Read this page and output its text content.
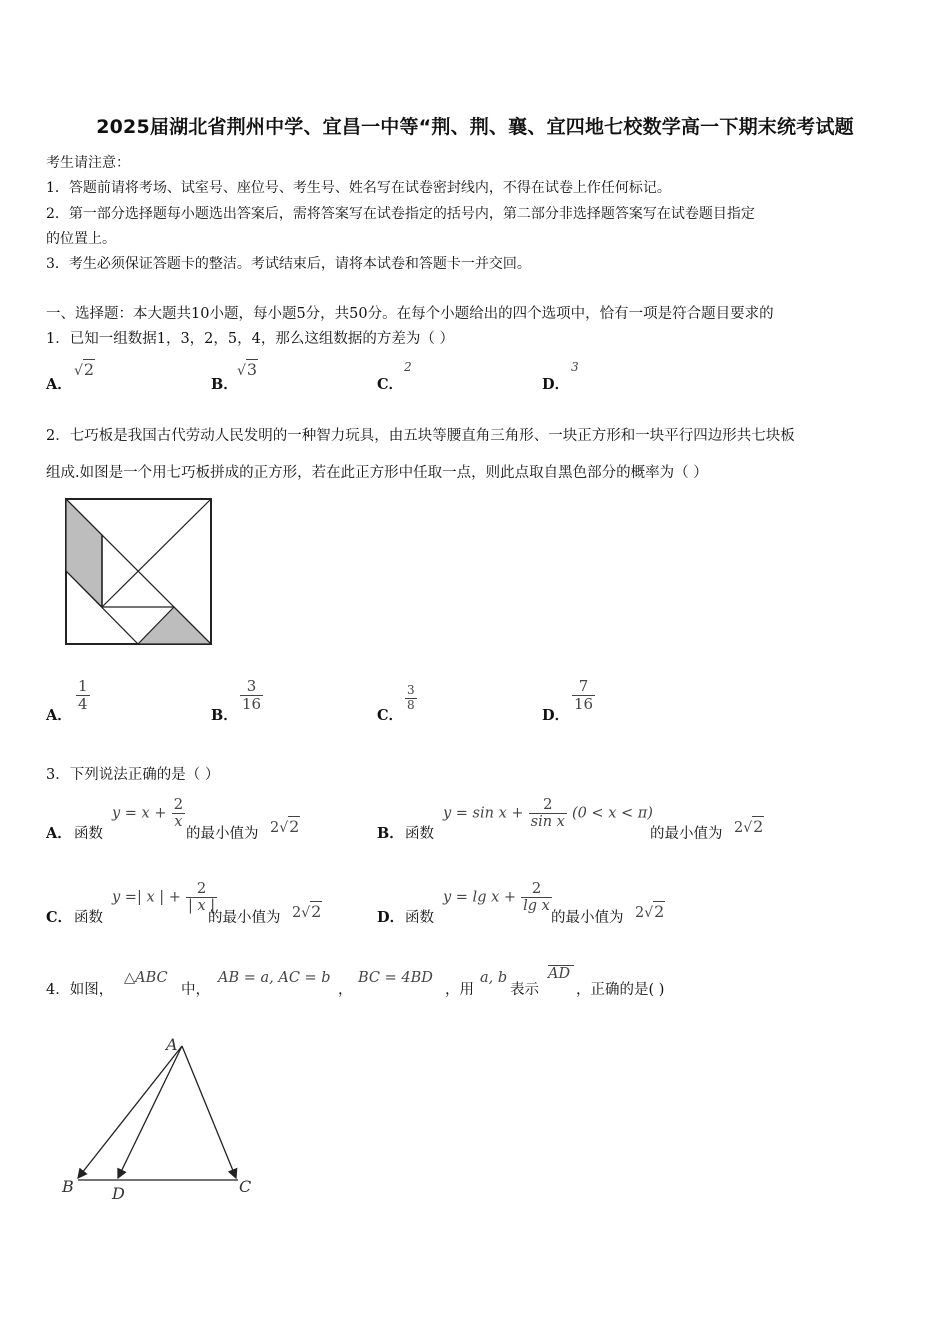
2025届湖北省荆州中学、宜昌一中等“荆、荆、襄、宜四地七校数学高一下期末统考试题
考生请注意：
1．答题前请将考场、试室号、座位号、考生号、姓名写在试卷密封线内，不得在试卷上作任何标记。
2．第一部分选择题每小题选出答案后，需将答案写在试卷指定的括号内，第二部分非选择题答案写在试卷题目指定
的位置上。
3．考生必须保证答题卡的整洁。考试结束后，请将本试卷和答题卡一并交回。
一、选择题：本大题共10小题，每小题5分，共50分。在每个小题给出的四个选项中，恰有一项是符合题目要求的
1．已知一组数据1，3，2，5，4，那么这组数据的方差为（ ）
A．
√2
B．
√3
C．
2
D．
3
2．七巧板是我国古代劳动人民发明的一种智力玩具，由五块等腰直角三角形、一块正方形和一块平行四边形共七块板
组成.如图是一个用七巧板拼成的正方形，若在此正方形中任取一点，则此点取自黑色部分的概率为（ ）
A．
$\frac{1}{4}$
B．
$\frac{3}{16}$
C．
$\frac{3}{8}$
D．
$\frac{7}{16}$
3．下列说法正确的是（ ）
A． 函数
$y = x + \frac{2}{x}$
的最小值为 2√2	B． 函数
$y = \sin x + \frac{2}{\text{sin x}} (0 < x < \pi)$
的最小值为 2√2
C． 函数
y =| x | + $\frac{2}{| x |}$
的最小值为 2√2	D． 函数
$y = \lg x + \frac{2}{\text{lg x}}$
的最小值为 2√2
4．如图，
△ABC
中，
AB = a, AC = b
，
BC = 4BD
，用
a, b
表示
AD
，正确的是( )
A
B D	C
